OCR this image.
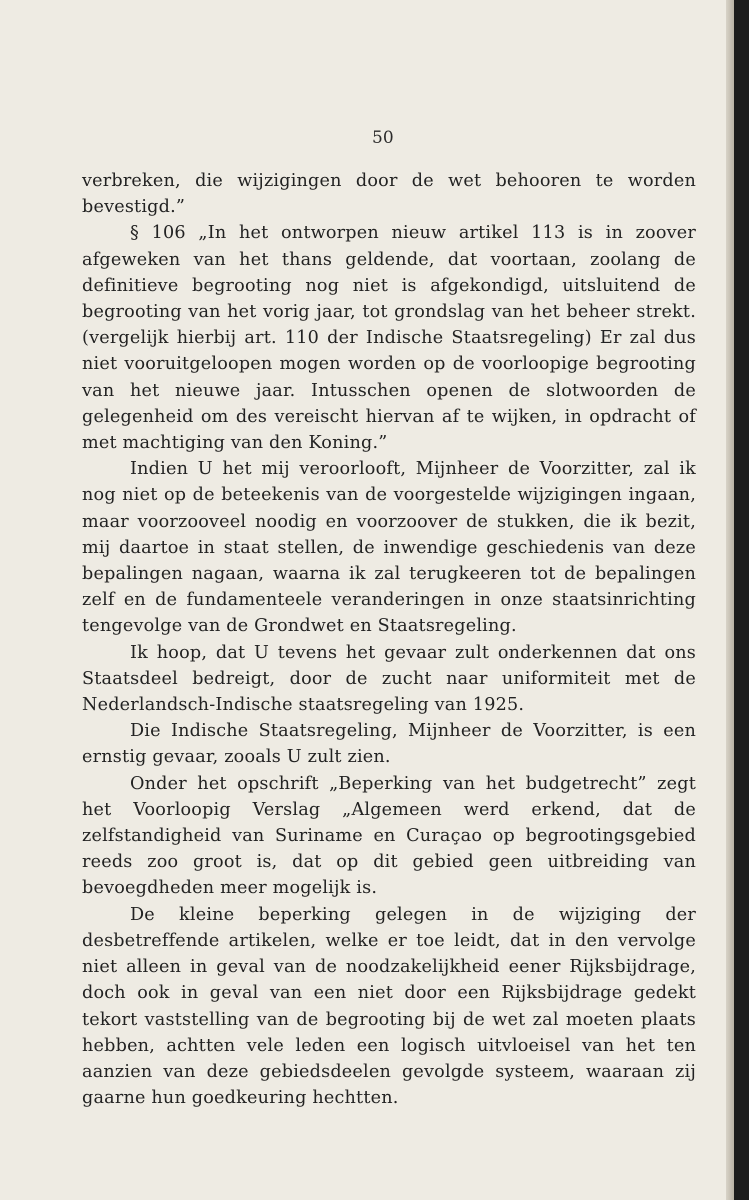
50

verbreken, die wijzigingen door de wet behooren te worden bevestigd.”

§ 106 „In het ontworpen nieuw artikel 113 is in zoover afgeweken van het thans geldende, dat voortaan, zoolang de definitieve begrooting nog niet is afgekondigd, uitsluitend de begrooting van het vorig jaar, tot grondslag van het beheer strekt. (vergelijk hierbij art. 110 der Indische Staatsregeling) Er zal dus niet vooruitgeloopen mogen worden op de voorloopige begrooting van het nieuwe jaar. Intusschen openen de slotwoorden de gelegenheid om des vereischt hiervan af te wijken, in opdracht of met machtiging van den Koning.”

Indien U het mij veroorlooft, Mijnheer de Voorzitter, zal ik nog niet op de beteekenis van de voorgestelde wijzigingen ingaan, maar voorzooveel noodig en voorzoover de stukken, die ik bezit, mij daartoe in staat stellen, de inwendige geschiedenis van deze bepalingen nagaan, waarna ik zal terugkeeren tot de bepalingen zelf en de fundamenteele veranderingen in onze staatsinrichting tengevolge van de Grondwet en Staatsregeling.

Ik hoop, dat U tevens het gevaar zult onderkennen dat ons Staatsdeel bedreigt, door de zucht naar uniformiteit met de Nederlandsch-Indische staatsregeling van 1925.

Die Indische Staatsregeling, Mijnheer de Voorzitter, is een ernstig gevaar, zooals U zult zien.

Onder het opschrift „Beperking van het budgetrecht” zegt het Voorloopig Verslag „Algemeen werd erkend, dat de zelfstandigheid van Suriname en Curaçao op begrootingsgebied reeds zoo groot is, dat op dit gebied geen uitbreiding van bevoegdheden meer mogelijk is.

De kleine beperking gelegen in de wijziging der desbetreffende artikelen, welke er toe leidt, dat in den vervolge niet alleen in geval van de noodzakelijkheid eener Rijksbijdrage, doch ook in geval van een niet door een Rijksbijdrage gedekt tekort vaststelling van de begrooting bij de wet zal moeten plaats hebben, achtten vele leden een logisch uitvloeisel van het ten aanzien van deze gebiedsdeelen gevolgde systeem, waaraan zij gaarne hun goedkeuring hechtten.
